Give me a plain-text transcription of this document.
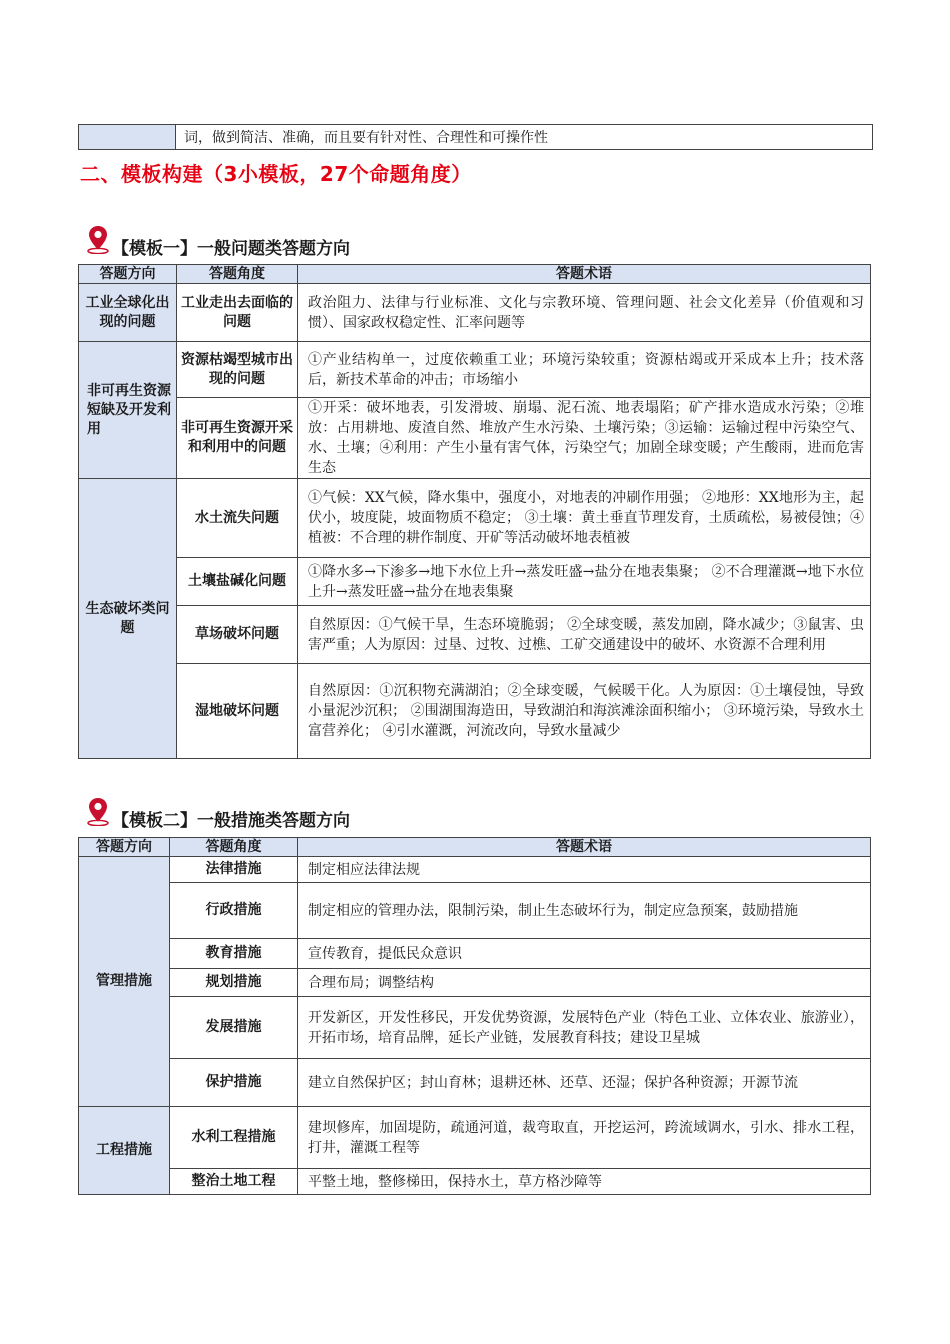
	词，做到简洁、准确，而且要有针对性、合理性和可操作性
二、模板构建（3小模板，27个命题角度）
【模板一】一般问题类答题方向
答题方向	答题角度	答题术语
工业全球化出现的问题	工业走出去面临的问题	政治阻力、法律与行业标准、文化与宗教环境、管理问题、社会文化差异（价值观和习惯）、国家政权稳定性、汇率问题等
非可再生资源短缺及开发利用	资源枯竭型城市出现的问题	①产业结构单一，过度依赖重工业；环境污染较重；资源枯竭或开采成本上升；技术落后，新技术革命的冲击；市场缩小
	非可再生资源开采和利用中的问题	①开采：破坏地表，引发滑坡、崩塌、泥石流、地表塌陷；矿产排水造成水污染；②堆放：占用耕地、废渣自然、堆放产生水污染、土壤污染；③运输：运输过程中污染空气、水、土壤；④利用：产生小量有害气体，污染空气；加剧全球变暖；产生酸雨，进而危害生态
生态破坏类问题	水土流失问题	①气候：XX气候，降水集中，强度小，对地表的冲刷作用强； ②地形：XX地形为主，起伏小，坡度陡，坡面物质不稳定； ③土壤：黄土垂直节理发育，土质疏松，易被侵蚀；④植被：不合理的耕作制度、开矿等活动破坏地表植被
	土壤盐碱化问题	①降水多→下渗多→地下水位上升→蒸发旺盛→盐分在地表集聚； ②不合理灌溉→地下水位上升→蒸发旺盛→盐分在地表集聚
	草场破坏问题	自然原因：①气候干旱，生态环境脆弱； ②全球变暖，蒸发加剧，降水减少；③鼠害、虫害严重；人为原因：过垦、过牧、过樵、工矿交通建设中的破坏、水资源不合理利用
	湿地破坏问题	自然原因：①沉积物充满湖泊；②全球变暖，气候暖干化。人为原因：①土壤侵蚀，导致小量泥沙沉积； ②围湖围海造田，导致湖泊和海滨滩涂面积缩小； ③环境污染，导致水土富营养化； ④引水灌溉，河流改向，导致水量减少
【模板二】一般措施类答题方向
答题方向	答题角度	答题术语
管理措施	法律措施	制定相应法律法规
	行政措施	制定相应的管理办法，限制污染，制止生态破坏行为，制定应急预案，鼓励措施
	教育措施	宣传教育，提低民众意识
	规划措施	合理布局；调整结构
	发展措施	开发新区，开发性移民，开发优势资源，发展特色产业（特色工业、立体农业、旅游业），开拓市场，培育品牌，延长产业链，发展教育科技；建设卫星城
	保护措施	建立自然保护区；封山育林；退耕还林、还草、还湿；保护各种资源；开源节流
工程措施	水利工程措施	建坝修库，加固堤防，疏通河道，裁弯取直，开挖运河，跨流域调水，引水、排水工程，打井，灌溉工程等
	整治土地工程	平整土地，整修梯田，保持水土，草方格沙障等
